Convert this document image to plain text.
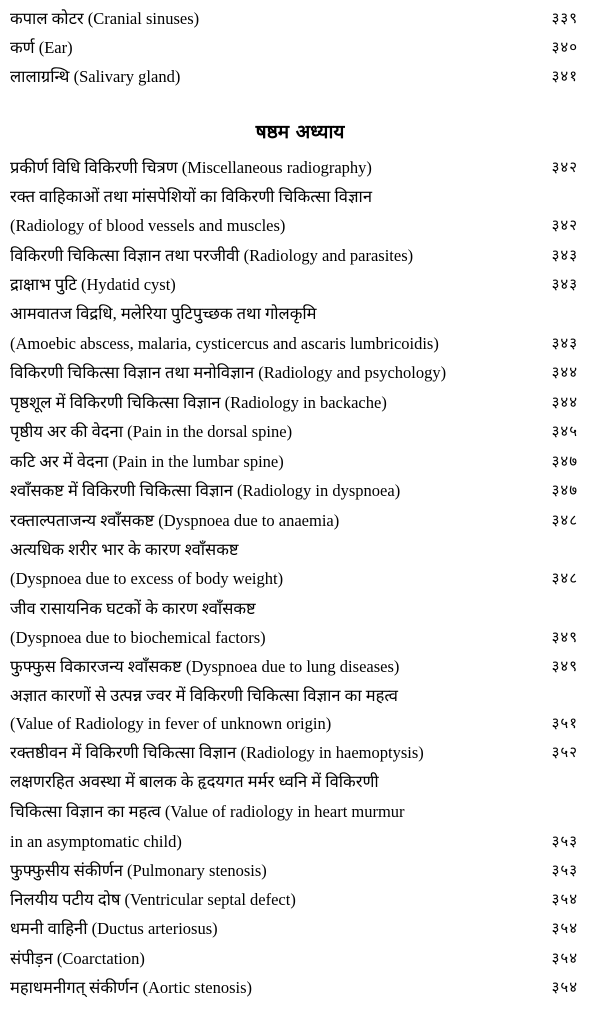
कपाल कोटर (Cranial sinuses)	३३९
कर्ण (Ear)	३४०
लालाग्रन्थि (Salivary gland)	३४१
षष्ठम अध्याय
प्रकीर्ण विधि विकिरणी चित्रण (Miscellaneous radiography)	३४२
रक्त वाहिकाओं तथा मांसपेशियों का विकिरणी चिकित्सा विज्ञान
(Radiology of blood vessels and muscles)	३४२
विकिरणी चिकित्सा विज्ञान तथा परजीवी (Radiology and parasites)	३४३
द्राक्षाभ पुटि (Hydatid cyst)	३४३
आमवातज विद्रधि, मलेरिया पुटिपुच्छक तथा गोलकृमि
(Amoebic abscess, malaria, cysticercus and ascaris lumbricoidis)	३४३
विकिरणी चिकित्सा विज्ञान तथा मनोविज्ञान (Radiology and psychology)	३४४
पृष्ठशूल में विकिरणी चिकित्सा विज्ञान (Radiology in backache)	३४४
पृष्ठीय अर की वेदना (Pain in the dorsal spine)	३४५
कटि अर में वेदना (Pain in the lumbar spine)	३४७
श्वाँसकष्ट में विकिरणी चिकित्सा विज्ञान (Radiology in dyspnoea)	३४७
रक्ताल्पताजन्य श्वाँसकष्ट (Dyspnoea due to anaemia)	३४८
अत्यधिक शरीर भार के कारण श्वाँसकष्ट
(Dyspnoea due to excess of body weight)	३४८
जीव रासायनिक घटकों के कारण श्वाँसकष्ट
(Dyspnoea due to biochemical factors)	३४९
फुफ्फुस विकारजन्य श्वाँसकष्ट (Dyspnoea due to lung diseases)	३४९
अज्ञात कारणों से उत्पन्न ज्वर में विकिरणी चिकित्सा विज्ञान का महत्व
(Value of Radiology in fever of unknown origin)	३५१
रक्तष्ठीवन में विकिरणी चिकित्सा विज्ञान (Radiology in haemoptysis)	३५२
लक्षणरहित अवस्था में बालक के हृदयगत मर्मर ध्वनि में विकिरणी
चिकित्सा विज्ञान का महत्व (Value of radiology in heart murmur
in an asymptomatic child)	३५३
फुफ्फुसीय संकीर्णन (Pulmonary stenosis)	३५३
निलयीय पटीय दोष (Ventricular septal defect)	३५४
धमनी वाहिनी (Ductus arteriosus)	३५४
संपीड़न (Coarctation)	३५४
महाधमनीगत् संकीर्णन (Aortic stenosis)	३५४
